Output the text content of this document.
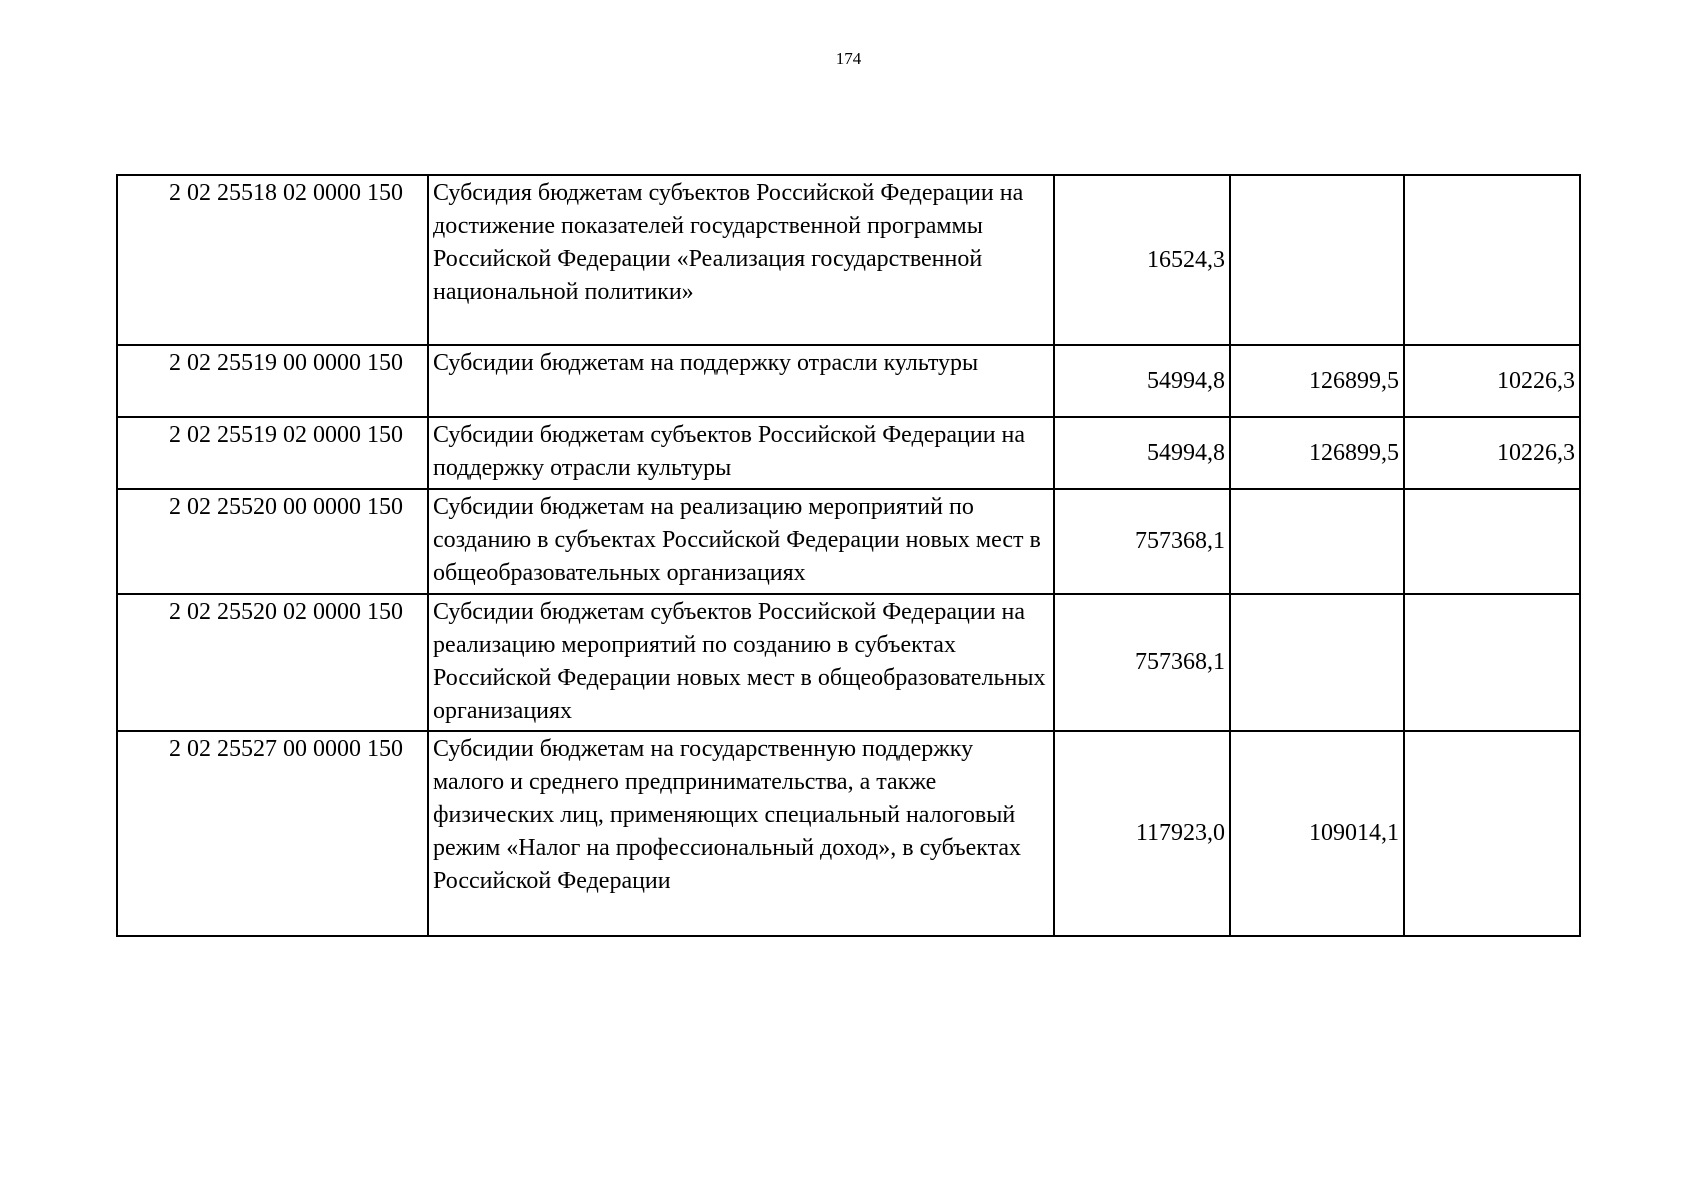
174
2 02 25518 02 0000 150	Субсидия бюджетам субъектов Российской Федерации на достижение показателей государственной программы Российской Федерации «Реализация государственной национальной политики»	16524,3		
2 02 25519 00 0000 150	Субсидии бюджетам на поддержку отрасли культуры	54994,8	126899,5	10226,3
2 02 25519 02 0000 150	Субсидии бюджетам субъектов Российской Федерации на поддержку отрасли культуры	54994,8	126899,5	10226,3
2 02 25520 00 0000 150	Субсидии бюджетам на реализацию мероприятий по созданию в субъектах Российской Федерации новых мест в общеобразовательных организациях	757368,1		
2 02 25520 02 0000 150	Субсидии бюджетам субъектов Российской Федерации на реализацию мероприятий по созданию в субъектах Российской Федерации новых мест в общеобразовательных организациях	757368,1		
2 02 25527 00 0000 150	Субсидии бюджетам на государственную поддержку малого и среднего предпринимательства, а также физических лиц, применяющих специальный налоговый режим «Налог на профессиональный доход», в субъектах Российской Федерации	117923,0	109014,1	
